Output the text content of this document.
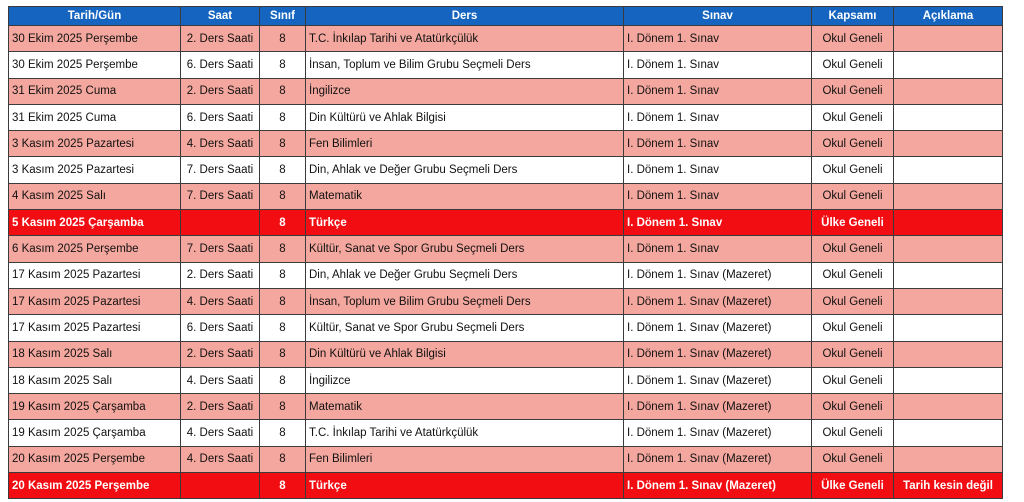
Tarih/Gün	Saat	Sınıf	Ders	Sınav	Kapsamı	Açıklama
30 Ekim 2025 Perşembe	2. Ders Saati	8	T.C. İnkılap Tarihi ve Atatürkçülük	I. Dönem 1. Sınav	Okul Geneli	
30 Ekim 2025 Perşembe	6. Ders Saati	8	İnsan, Toplum ve Bilim Grubu Seçmeli Ders	I. Dönem 1. Sınav	Okul Geneli	
31 Ekim 2025 Cuma	2. Ders Saati	8	İngilizce	I. Dönem 1. Sınav	Okul Geneli	
31 Ekim 2025 Cuma	6. Ders Saati	8	Din Kültürü ve Ahlak Bilgisi	I. Dönem 1. Sınav	Okul Geneli	
3 Kasım 2025 Pazartesi	4. Ders Saati	8	Fen Bilimleri	I. Dönem 1. Sınav	Okul Geneli	
3 Kasım 2025 Pazartesi	7. Ders Saati	8	Din, Ahlak ve Değer Grubu Seçmeli Ders	I. Dönem 1. Sınav	Okul Geneli	
4 Kasım 2025 Salı	7. Ders Saati	8	Matematik	I. Dönem 1. Sınav	Okul Geneli	
5 Kasım 2025 Çarşamba		8	Türkçe	I. Dönem 1. Sınav	Ülke Geneli	
6 Kasım 2025 Perşembe	7. Ders Saati	8	Kültür, Sanat ve Spor Grubu Seçmeli Ders	I. Dönem 1. Sınav	Okul Geneli	
17 Kasım 2025 Pazartesi	2. Ders Saati	8	Din, Ahlak ve Değer Grubu Seçmeli Ders	I. Dönem 1. Sınav (Mazeret)	Okul Geneli	
17 Kasım 2025 Pazartesi	4. Ders Saati	8	İnsan, Toplum ve Bilim Grubu Seçmeli Ders	I. Dönem 1. Sınav (Mazeret)	Okul Geneli	
17 Kasım 2025 Pazartesi	6. Ders Saati	8	Kültür, Sanat ve Spor Grubu Seçmeli Ders	I. Dönem 1. Sınav (Mazeret)	Okul Geneli	
18 Kasım 2025 Salı	2. Ders Saati	8	Din Kültürü ve Ahlak Bilgisi	I. Dönem 1. Sınav (Mazeret)	Okul Geneli	
18 Kasım 2025 Salı	4. Ders Saati	8	İngilizce	I. Dönem 1. Sınav (Mazeret)	Okul Geneli	
19 Kasım 2025 Çarşamba	2. Ders Saati	8	Matematik	I. Dönem 1. Sınav (Mazeret)	Okul Geneli	
19 Kasım 2025 Çarşamba	4. Ders Saati	8	T.C. İnkılap Tarihi ve Atatürkçülük	I. Dönem 1. Sınav (Mazeret)	Okul Geneli	
20 Kasım 2025 Perşembe	4. Ders Saati	8	Fen Bilimleri	I. Dönem 1. Sınav (Mazeret)	Okul Geneli	
20 Kasım 2025 Perşembe		8	Türkçe	I. Dönem 1. Sınav (Mazeret)	Ülke Geneli	Tarih kesin değil
